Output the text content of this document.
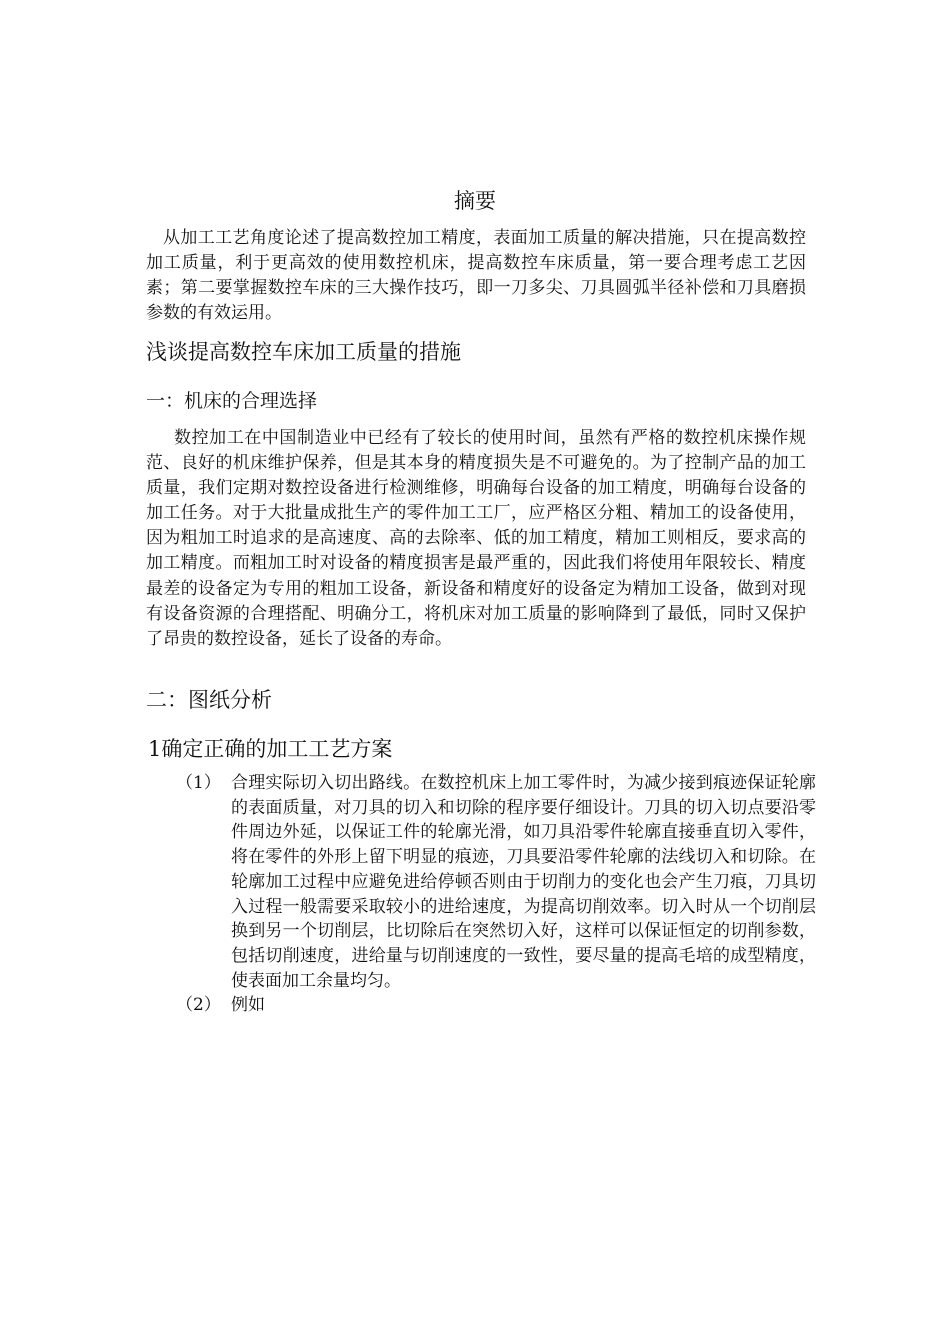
摘要

从加工工艺角度论述了提高数控加工精度，表面加工质量的解决措施，只在提高数控加工质量，利于更高效的使用数控机床，提高数控车床质量，第一要合理考虑工艺因素；第二要掌握数控车床的三大操作技巧，即一刀多尖、刀具圆弧半径补偿和刀具磨损参数的有效运用。

浅谈提高数控车床加工质量的措施
一：机床的合理选择

数控加工在中国制造业中已经有了较长的使用时间，虽然有严格的数控机床操作规范、良好的机床维护保养，但是其本身的精度损失是不可避免的。为了控制产品的加工质量，我们定期对数控设备进行检测维修，明确每台设备的加工精度，明确每台设备的加工任务。对于大批量成批生产的零件加工工厂，应严格区分粗、精加工的设备使用，因为粗加工时追求的是高速度、高的去除率、低的加工精度，精加工则相反，要求高的加工精度。而粗加工时对设备的精度损害是最严重的，因此我们将使用年限较长、精度最差的设备定为专用的粗加工设备，新设备和精度好的设备定为精加工设备，做到对现有设备资源的合理搭配、明确分工，将机床对加工质量的影响降到了最低，同时又保护了昂贵的数控设备，延长了设备的寿命。

二：图纸分析
1确定正确的加工工艺方案
（1） 合理实际切入切出路线。在数控机床上加工零件时，为减少接到痕迹保证轮廓的表面质量，对刀具的切入和切除的程序要仔细设计。刀具的切入切点要沿零件周边外延，以保证工件的轮廓光滑，如刀具沿零件轮廓直接垂直切入零件，将在零件的外形上留下明显的痕迹，刀具要沿零件轮廓的法线切入和切除。在轮廓加工过程中应避免进给停顿否则由于切削力的变化也会产生刀痕，刀具切入过程一般需要采取较小的进给速度，为提高切削效率。切入时从一个切削层换到另一个切削层，比切除后在突然切入好，这样可以保证恒定的切削参数，包括切削速度，进给量与切削速度的一致性，要尽量的提高毛培的成型精度，使表面加工余量均匀。
（2） 例如
